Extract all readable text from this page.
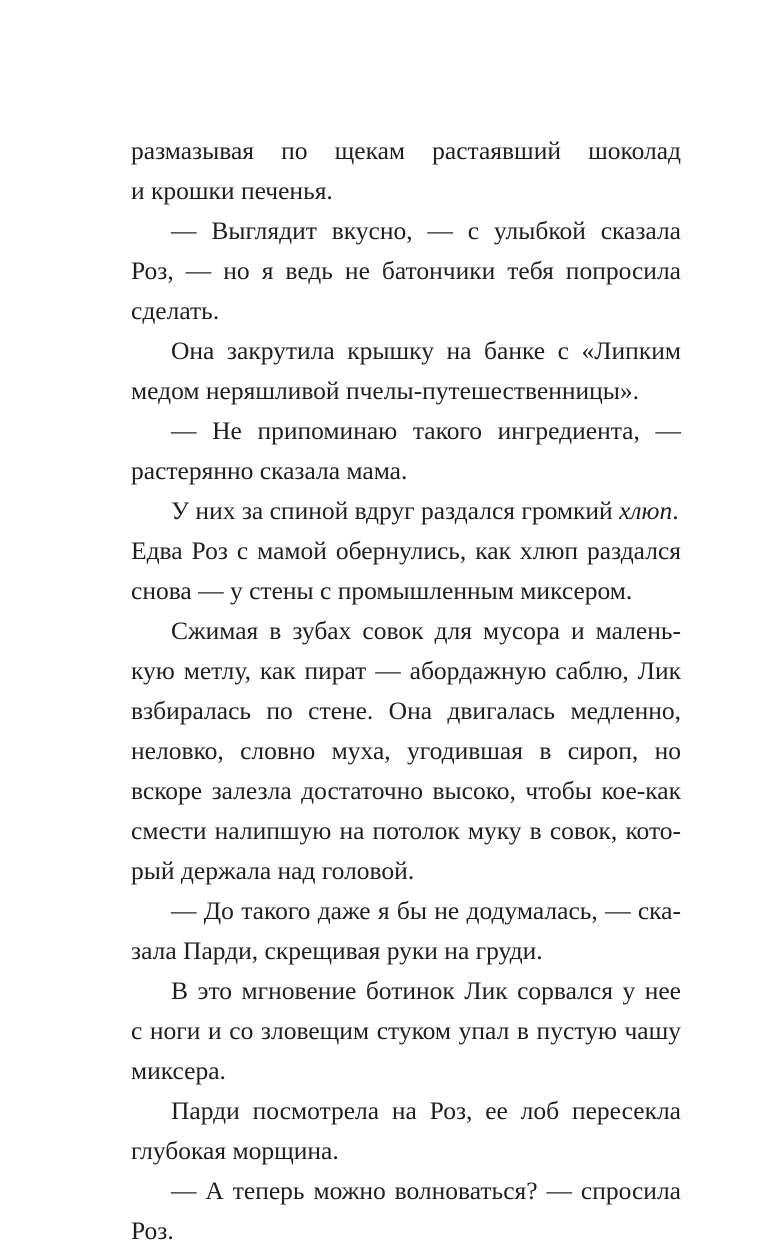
размазывая по щекам растаявший шоколад
и крошки печенья.
— Выглядит вкусно, — с улыбкой сказала
Роз, — но я ведь не батончики тебя попросила
сделать.
Она закрутила крышку на банке с «Липким
медом неряшливой пчелы-путешественницы».
— Не припоминаю такого ингредиента, —
растерянно сказала мама.
У них за спиной вдруг раздался громкий хлюп.
Едва Роз с мамой обернулись, как хлюп раздался
снова — у стены с промышленным миксером.
Сжимая в зубах совок для мусора и малень-
кую метлу, как пират — абордажную саблю, Лик
взбиралась по стене. Она двигалась медленно,
неловко, словно муха, угодившая в сироп, но
вскоре залезла достаточно высоко, чтобы кое-как
смести налипшую на потолок муку в совок, кото-
рый держала над головой.
— До такого даже я бы не додумалась, — ска-
зала Парди, скрещивая руки на груди.
В это мгновение ботинок Лик сорвался у нее
с ноги и со зловещим стуком упал в пустую чашу
миксера.
Парди посмотрела на Роз, ее лоб пересекла
глубокая морщина.
— А теперь можно волноваться? — спросила
Роз.
